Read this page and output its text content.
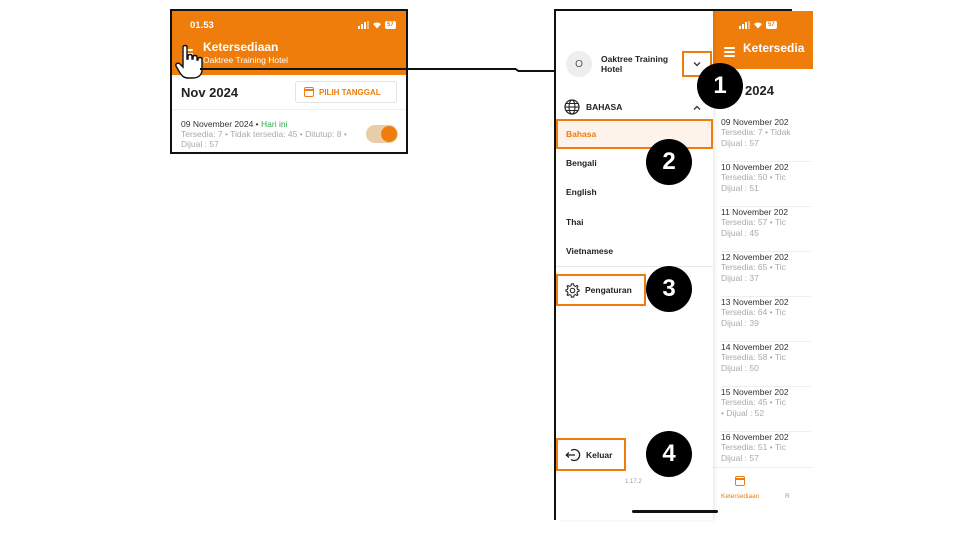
01.53	57
Ketersediaan
Oaktree Training Hotel
Nov 2024	PILIH TANGGAL
09 November 2024 • Hari ini
Tersedia: 7 • Tidak tersedia: 45 • Ditutup: 8 •
Dijual : 57
57
Ketersedia
2024
09 November 202
Tersedia: 7 • Tidak
Dijual : 57
10 November 202
Tersedia: 50 • Tic
Dijual : 51
11 November 202
Tersedia: 57 • Tic
Dijual : 45
12 November 202
Tersedia: 65 • Tic
Dijual : 37
13 November 202
Tersedia: 64 • Tic
Dijual : 39
14 November 202
Tersedia: 58 • Tic
Dijual : 50
15 November 202
Tersedia: 45 • Tic
• Dijual : 52
16 November 202
Tersedia: 51 • Tic
Dijual : 57
Ketersediaan	R
O	Oaktree Training Hotel
BAHASA
Bahasa
Bengali
English
Thai
Vietnamese
Pengaturan
Keluar
1.17.2
1
2
3
4
